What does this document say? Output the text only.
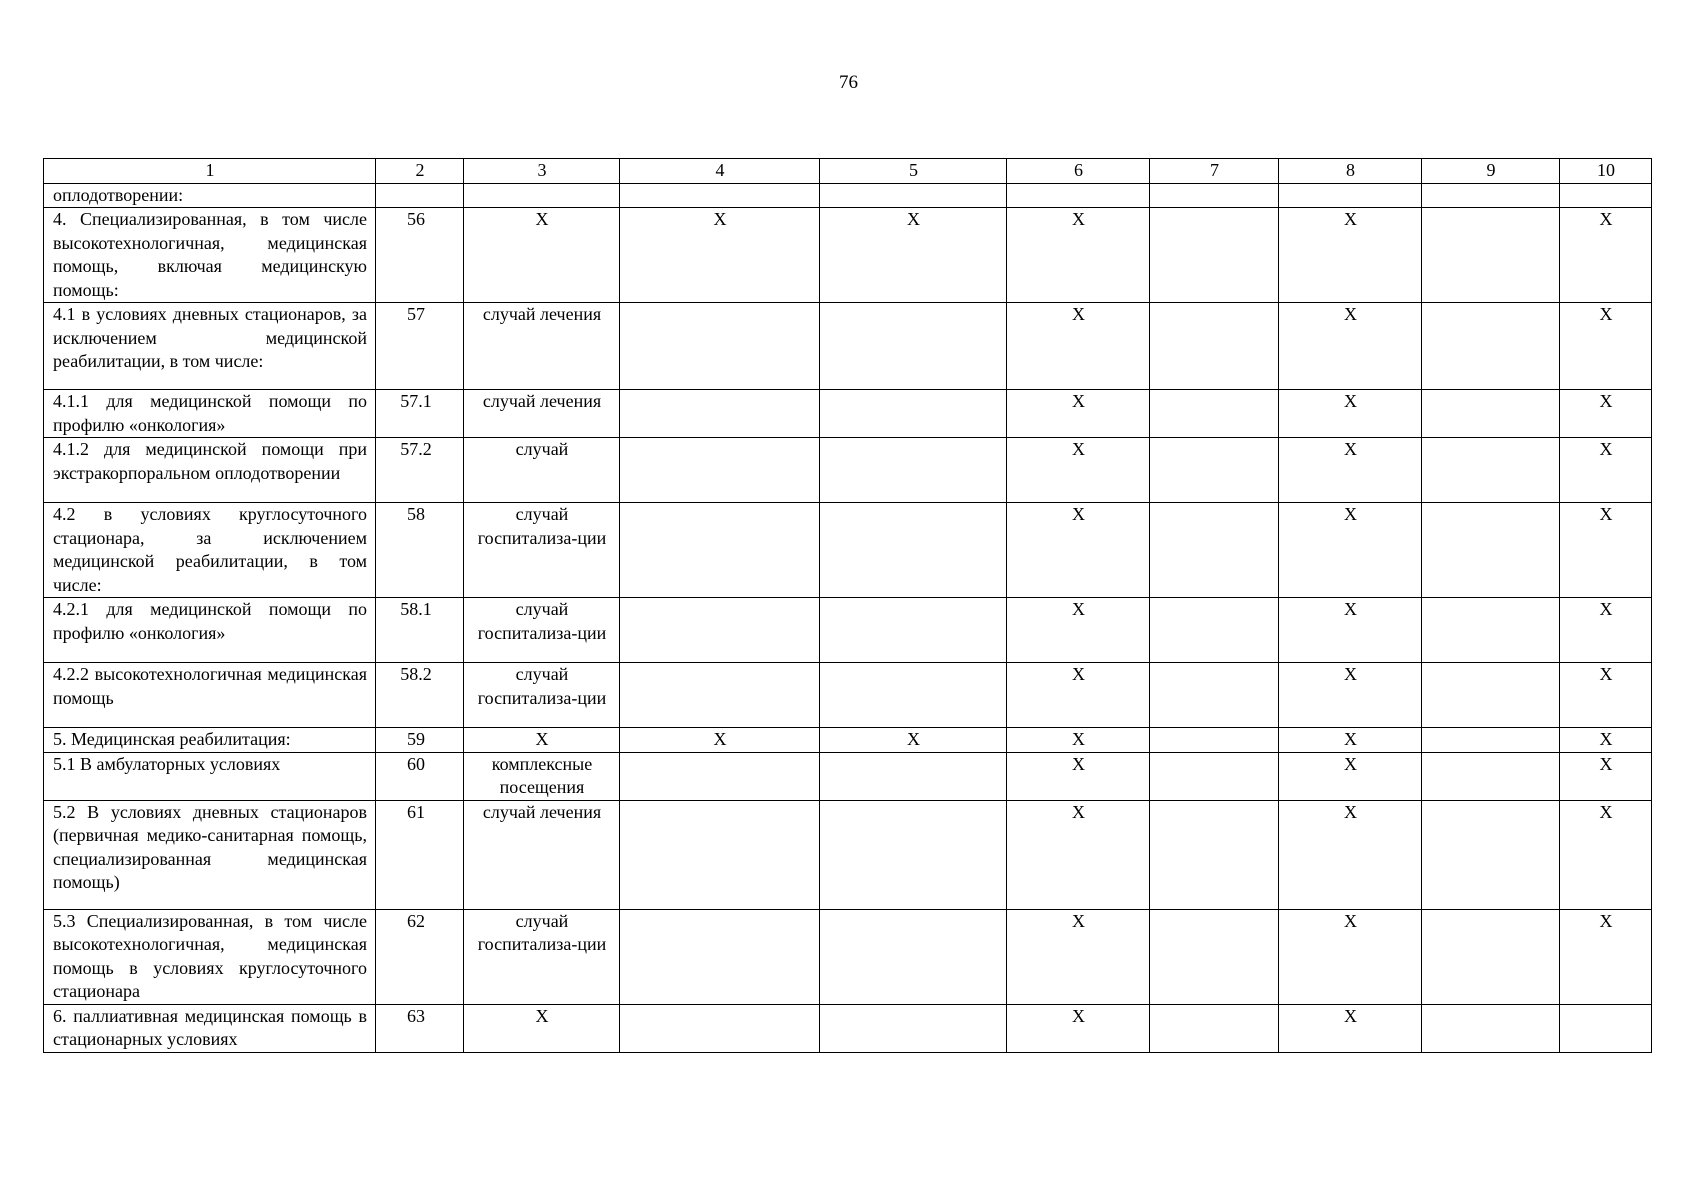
76
1	2	3	4	5	6	7	8	9	10
оплодотворении:									
4. Специализированная, в том числе высокотехнологичная, медицинская помощь, включая медицинскую помощь:	56	Х	Х	Х	Х		Х		Х
4.1 в условиях дневных стационаров, за исключением медицинской реабилитации, в том числе:	57	случай лечения			Х		Х		Х
4.1.1 для медицинской помощи по профилю «онкология»	57.1	случай лечения			Х		Х		Х
4.1.2 для медицинской помощи при экстракорпоральном оплодотворении	57.2	случай			Х		Х		Х
4.2 в условиях круглосуточного стационара, за исключением медицинской реабилитации, в том числе:	58	случай госпитализа-ции			Х		Х		Х
4.2.1 для медицинской помощи по профилю «онкология»	58.1	случай госпитализа-ции			Х		Х		Х
4.2.2 высокотехнологичная медицинская помощь	58.2	случай госпитализа-ции			Х		Х		Х
5. Медицинская реабилитация:	59	Х	Х	Х	Х		Х		Х
5.1 В амбулаторных условиях	60	комплексные посещения			Х		Х		Х
5.2 В условиях дневных стационаров (первичная медико-санитарная помощь, специализированная медицинская помощь)	61	случай лечения			Х		Х		Х
5.3 Специализированная, в том числе высокотехнологичная, медицинская помощь в условиях круглосуточного стационара	62	случай госпитализа-ции			Х		Х		Х
6. паллиативная медицинская помощь в стационарных условиях	63	Х			Х		Х		
